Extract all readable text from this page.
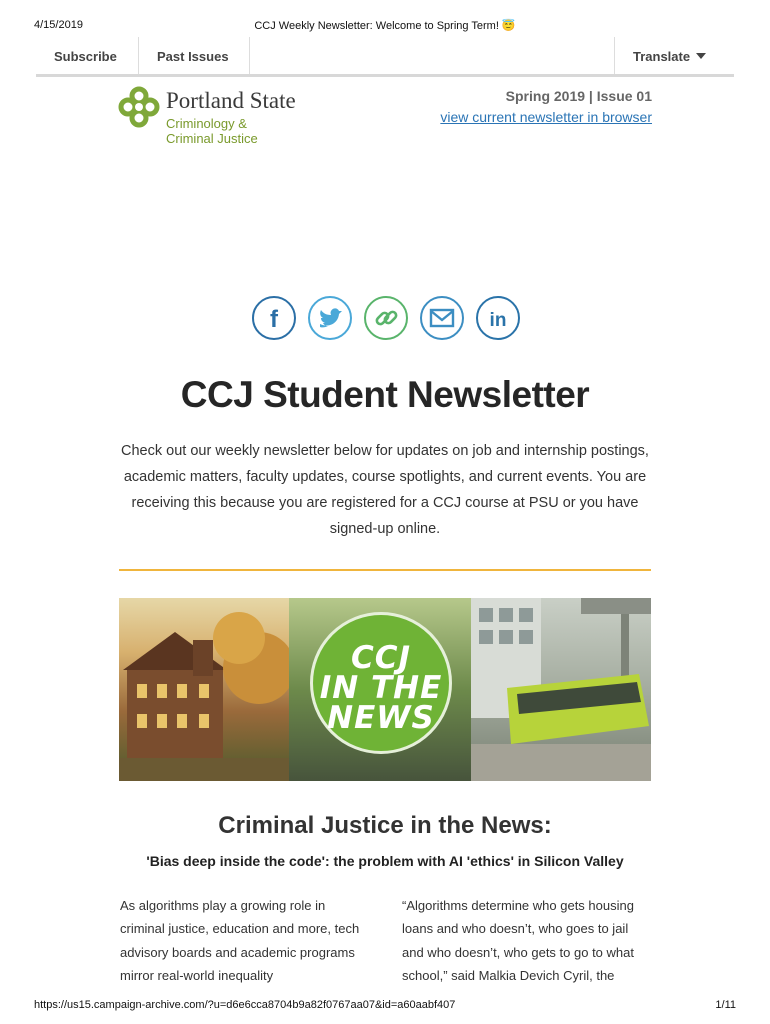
4/15/2019	CCJ Weekly Newsletter: Welcome to Spring Term! 😇
Subscribe	Past Issues	Translate
Portland State
Criminology &
Criminal Justice
Spring 2019 | Issue 01
view current newsletter in browser
f	in
CCJ Student Newsletter
Check out our weekly newsletter below for updates on job and internship postings, academic matters, faculty updates, course spotlights, and current events. You are receiving this because you are registered for a CCJ course at PSU or you have signed-up online.
CCJ
IN THE
NEWS
Criminal Justice in the News:
'Bias deep inside the code': the problem with AI 'ethics' in Silicon Valley
As algorithms play a growing role in criminal justice, education and more, tech advisory boards and academic programs mirror real-world inequality
“Algorithms determine who gets housing loans and who doesn’t, who goes to jail and who doesn’t, who gets to go to what school,” said Malkia Devich Cyril, the
https://us15.campaign-archive.com/?u=d6e6cca8704b9a82f0767aa07&id=a60aabf407	1/11
